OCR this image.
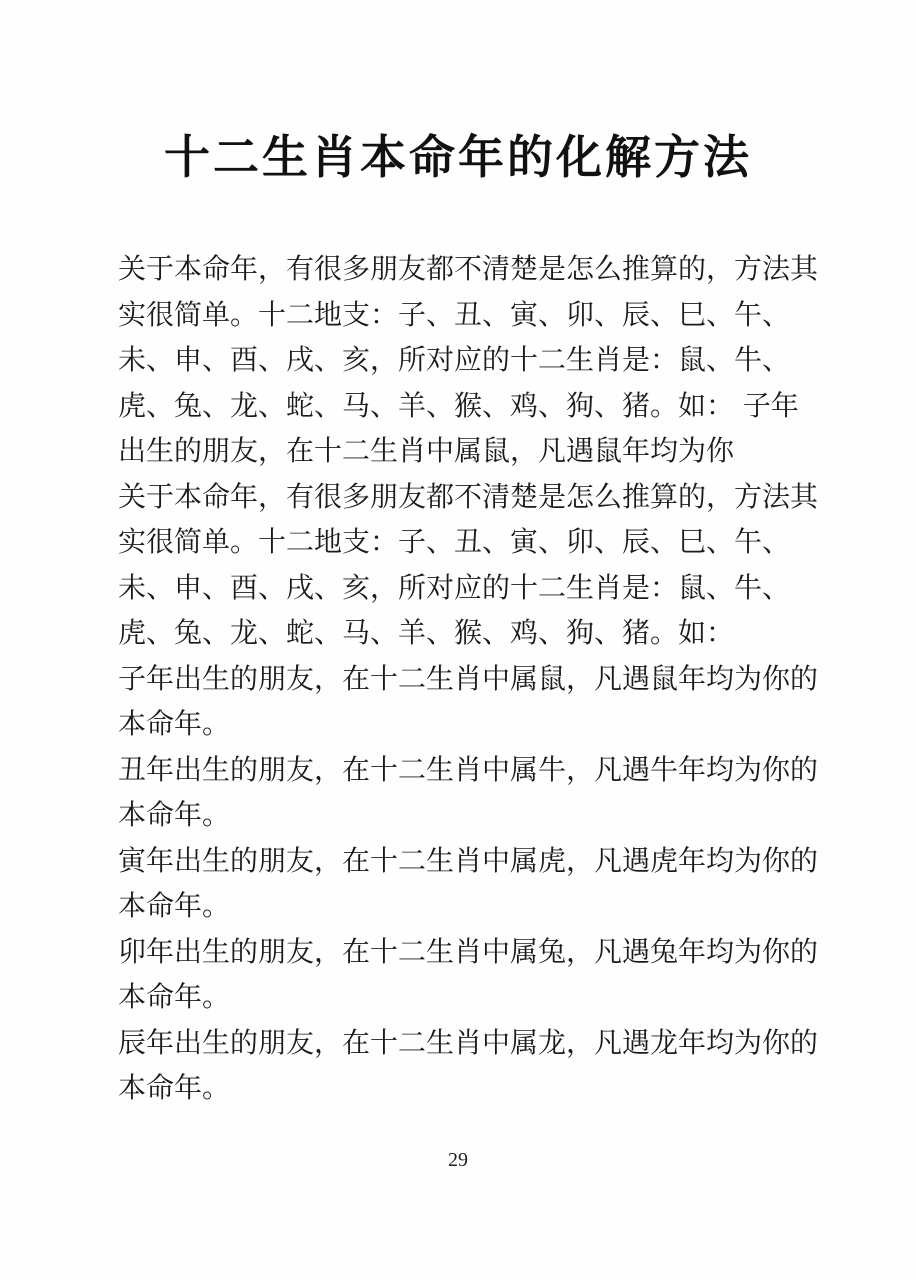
十二生肖本命年的化解方法

关于本命年，有很多朋友都不清楚是怎么推算的，方法其实很简单。十二地支：子、丑、寅、卯、辰、巳、午、未、申、酉、戌、亥，所对应的十二生肖是：鼠、牛、虎、兔、龙、蛇、马、羊、猴、鸡、狗、猪。如： 子年出生的朋友，在十二生肖中属鼠，凡遇鼠年均为你

关于本命年，有很多朋友都不清楚是怎么推算的，方法其实很简单。十二地支：子、丑、寅、卯、辰、巳、午、未、申、酉、戌、亥，所对应的十二生肖是：鼠、牛、虎、兔、龙、蛇、马、羊、猴、鸡、狗、猪。如：

子年出生的朋友，在十二生肖中属鼠，凡遇鼠年均为你的本命年。

丑年出生的朋友，在十二生肖中属牛，凡遇牛年均为你的本命年。

寅年出生的朋友，在十二生肖中属虎，凡遇虎年均为你的本命年。

卯年出生的朋友，在十二生肖中属兔，凡遇兔年均为你的本命年。

辰年出生的朋友，在十二生肖中属龙，凡遇龙年均为你的本命年。

29
